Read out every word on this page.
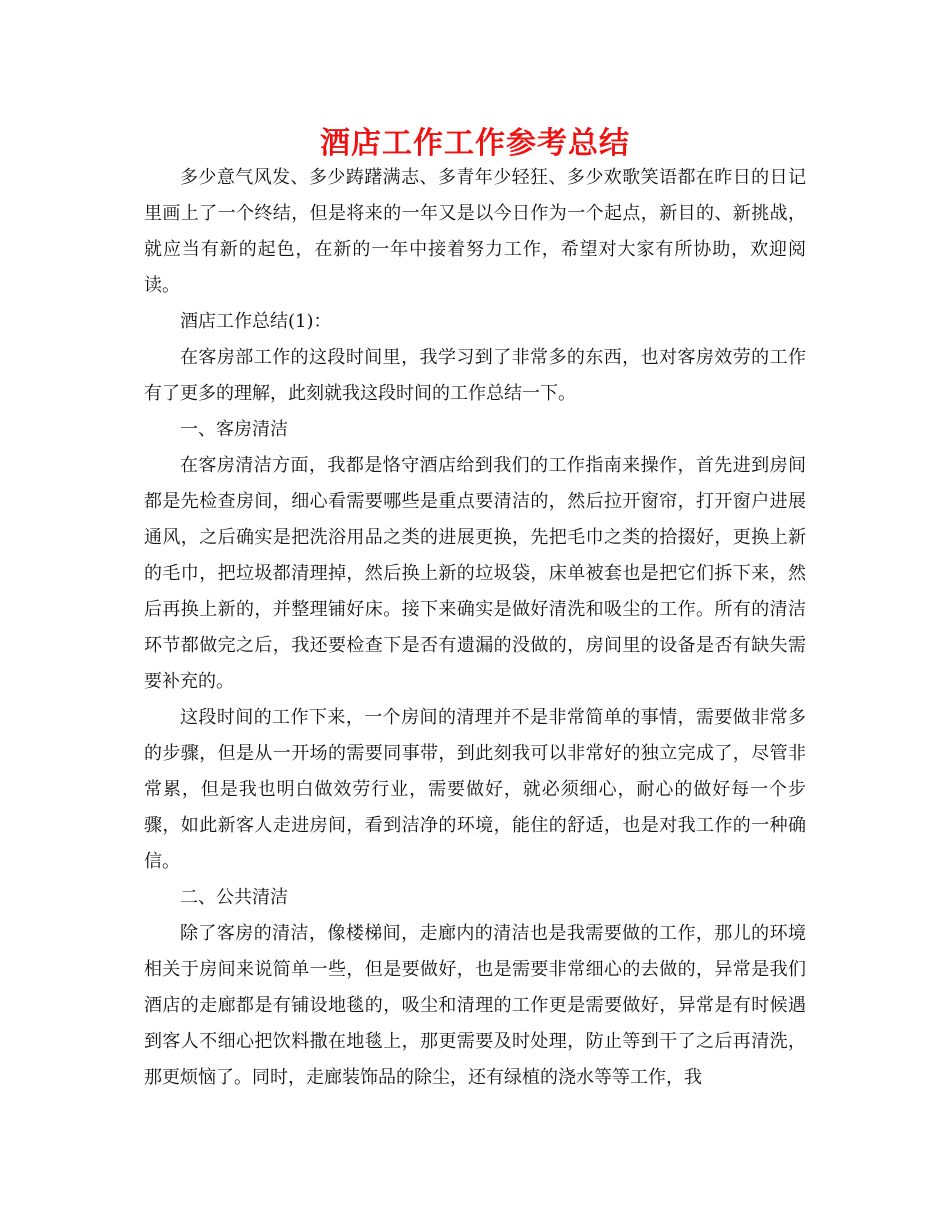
酒店工作工作参考总结

多少意气风发、多少踌躇满志、多青年少轻狂、多少欢歌笑语都在昨日的日记里画上了一个终结，但是将来的一年又是以今日作为一个起点，新目的、新挑战，就应当有新的起色，在新的一年中接着努力工作，希望对大家有所协助，欢迎阅读。

酒店工作总结(1)：

在客房部工作的这段时间里，我学习到了非常多的东西，也对客房效劳的工作有了更多的理解，此刻就我这段时间的工作总结一下。

一、客房清洁

在客房清洁方面，我都是恪守酒店给到我们的工作指南来操作，首先进到房间都是先检查房间，细心看需要哪些是重点要清洁的，然后拉开窗帘，打开窗户进展通风，之后确实是把洗浴用品之类的进展更换，先把毛巾之类的拾掇好，更换上新的毛巾，把垃圾都清理掉，然后换上新的垃圾袋，床单被套也是把它们拆下来，然后再换上新的，并整理铺好床。接下来确实是做好清洗和吸尘的工作。所有的清洁环节都做完之后，我还要检查下是否有遗漏的没做的，房间里的设备是否有缺失需要补充的。

这段时间的工作下来，一个房间的清理并不是非常简单的事情，需要做非常多的步骤，但是从一开场的需要同事带，到此刻我可以非常好的独立完成了，尽管非常累，但是我也明白做效劳行业，需要做好，就必须细心，耐心的做好每一个步骤，如此新客人走进房间，看到洁净的环境，能住的舒适，也是对我工作的一种确信。

二、公共清洁

除了客房的清洁，像楼梯间，走廊内的清洁也是我需要做的工作，那儿的环境相关于房间来说简单一些，但是要做好，也是需要非常细心的去做的，异常是我们酒店的走廊都是有铺设地毯的，吸尘和清理的工作更是需要做好，异常是有时候遇到客人不细心把饮料撒在地毯上，那更需要及时处理，防止等到干了之后再清洗，那更烦恼了。同时，走廊装饰品的除尘，还有绿植的浇水等等工作，我
